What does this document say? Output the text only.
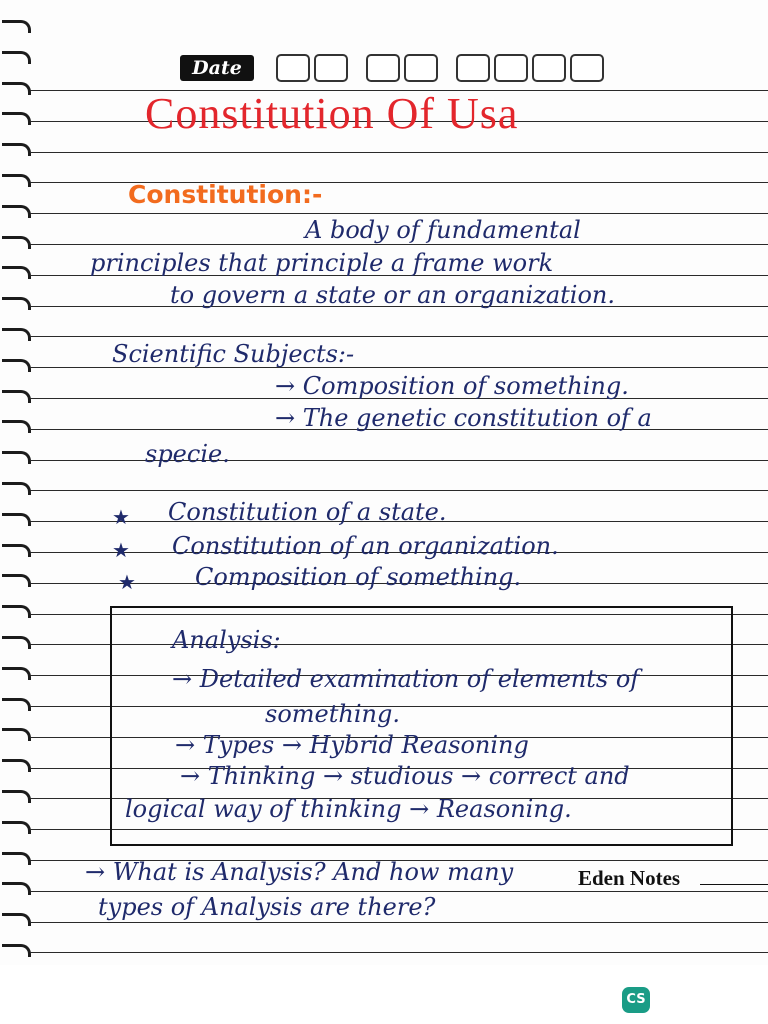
Date
Constitution Of Usa
Constitution:-
A body of fundamental
principles that principle a frame work
to govern a state or an organization.
Scientific Subjects:-
→ Composition of something.
→ The genetic constitution of a
specie.
★ Constitution of a state.
★ Constitution of an organization.
★ Composition of something.
Analysis:
→ Detailed examination of elements of
something.
→ Types → Hybrid Reasoning
→ Thinking → studious → correct and
logical way of thinking → Reasoning.
→ What is Analysis? And how many
types of Analysis are there?
Eden Notes
CS
